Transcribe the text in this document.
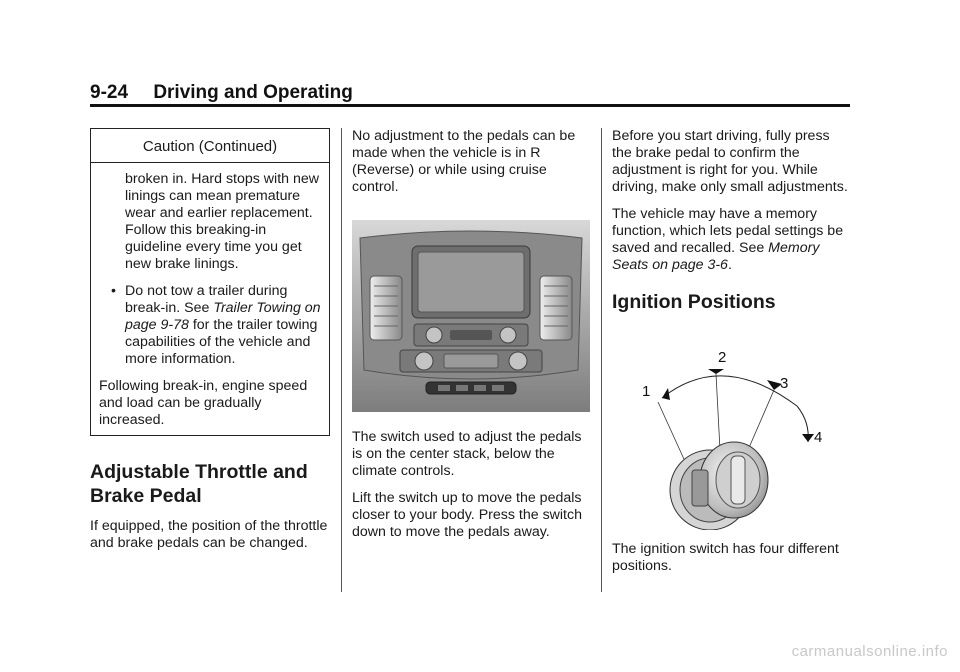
9-24 Driving and Operating
Caution (Continued)

broken in. Hard stops with new linings can mean premature wear and earlier replacement. Follow this breaking-in guideline every time you get new brake linings.

• Do not tow a trailer during break-in. See Trailer Towing on page 9-78 for the trailer towing capabilities of the vehicle and more information.

Following break-in, engine speed and load can be gradually increased.

Adjustable Throttle and Brake Pedal

If equipped, the position of the throttle and brake pedals can be changed.

No adjustment to the pedals can be made when the vehicle is in R (Reverse) or while using cruise control.

The switch used to adjust the pedals is on the center stack, below the climate controls.

Lift the switch up to move the pedals closer to your body. Press the switch down to move the pedals away.

Before you start driving, fully press the brake pedal to confirm the adjustment is right for you. While driving, make only small adjustments.

The vehicle may have a memory function, which lets pedal settings be saved and recalled. See Memory Seats on page 3-6.

Ignition Positions
1
2
3
4

The ignition switch has four different positions.

carmanualsonline.info
